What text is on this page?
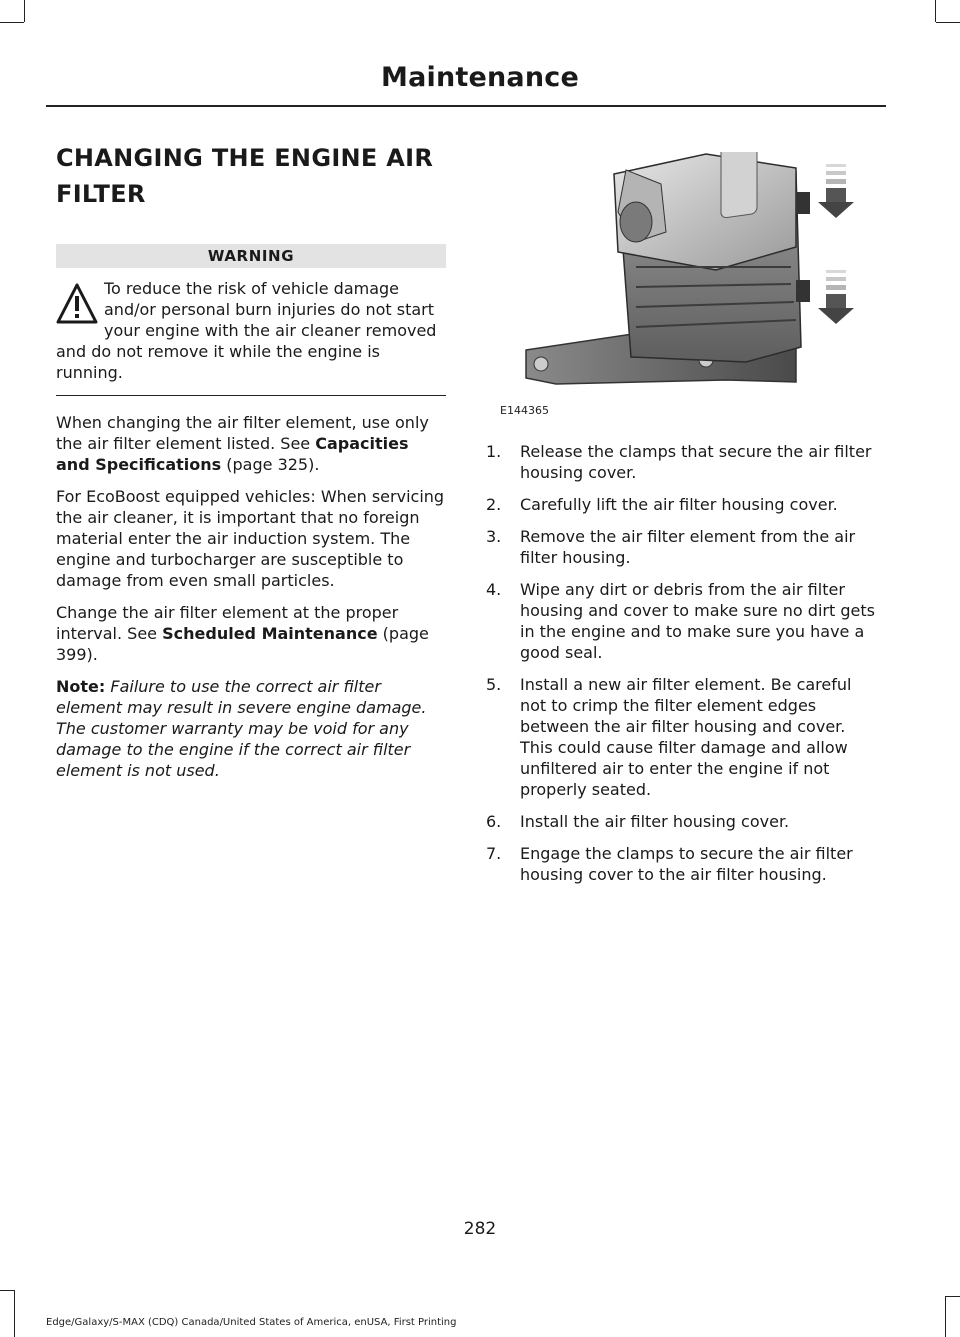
Maintenance
CHANGING THE ENGINE AIR
FILTER
WARNING
To reduce the risk of vehicle damage and/or personal burn injuries do not start your engine with the air cleaner removed and do not remove it while the engine is running.

When changing the air filter element, use only the air filter element listed. See Capacities and Specifications (page 325).

For EcoBoost equipped vehicles: When servicing the air cleaner, it is important that no foreign material enter the air induction system. The engine and turbocharger are susceptible to damage from even small particles.

Change the air filter element at the proper interval. See Scheduled Maintenance (page 399).

Note: Failure to use the correct air filter element may result in severe engine damage. The customer warranty may be void for any damage to the engine if the correct air filter element is not used.

E144365
1. Release the clamps that secure the air filter housing cover.
2. Carefully lift the air filter housing cover.
3. Remove the air filter element from the air filter housing.
4. Wipe any dirt or debris from the air filter housing and cover to make sure no dirt gets in the engine and to make sure you have a good seal.
5. Install a new air filter element. Be careful not to crimp the filter element edges between the air filter housing and cover. This could cause filter damage and allow unfiltered air to enter the engine if not properly seated.
6. Install the air filter housing cover.
7. Engage the clamps to secure the air filter housing cover to the air filter housing.
282
Edge/Galaxy/S-MAX (CDQ) Canada/United States of America, enUSA, First Printing
